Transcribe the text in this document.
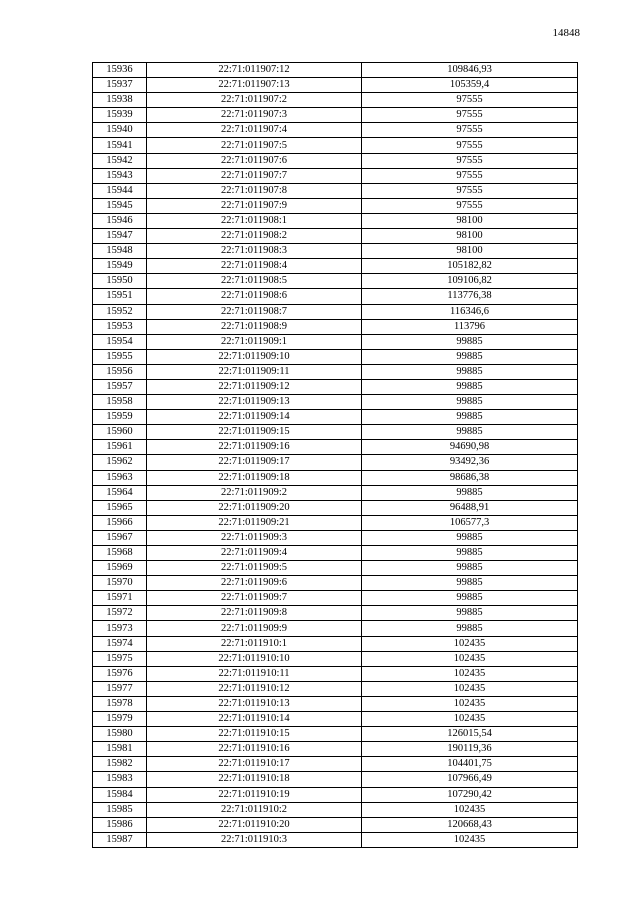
14848
15936	22:71:011907:12	109846,93
15937	22:71:011907:13	105359,4
15938	22:71:011907:2	97555
15939	22:71:011907:3	97555
15940	22:71:011907:4	97555
15941	22:71:011907:5	97555
15942	22:71:011907:6	97555
15943	22:71:011907:7	97555
15944	22:71:011907:8	97555
15945	22:71:011907:9	97555
15946	22:71:011908:1	98100
15947	22:71:011908:2	98100
15948	22:71:011908:3	98100
15949	22:71:011908:4	105182,82
15950	22:71:011908:5	109106,82
15951	22:71:011908:6	113776,38
15952	22:71:011908:7	116346,6
15953	22:71:011908:9	113796
15954	22:71:011909:1	99885
15955	22:71:011909:10	99885
15956	22:71:011909:11	99885
15957	22:71:011909:12	99885
15958	22:71:011909:13	99885
15959	22:71:011909:14	99885
15960	22:71:011909:15	99885
15961	22:71:011909:16	94690,98
15962	22:71:011909:17	93492,36
15963	22:71:011909:18	98686,38
15964	22:71:011909:2	99885
15965	22:71:011909:20	96488,91
15966	22:71:011909:21	106577,3
15967	22:71:011909:3	99885
15968	22:71:011909:4	99885
15969	22:71:011909:5	99885
15970	22:71:011909:6	99885
15971	22:71:011909:7	99885
15972	22:71:011909:8	99885
15973	22:71:011909:9	99885
15974	22:71:011910:1	102435
15975	22:71:011910:10	102435
15976	22:71:011910:11	102435
15977	22:71:011910:12	102435
15978	22:71:011910:13	102435
15979	22:71:011910:14	102435
15980	22:71:011910:15	126015,54
15981	22:71:011910:16	190119,36
15982	22:71:011910:17	104401,75
15983	22:71:011910:18	107966,49
15984	22:71:011910:19	107290,42
15985	22:71:011910:2	102435
15986	22:71:011910:20	120668,43
15987	22:71:011910:3	102435
